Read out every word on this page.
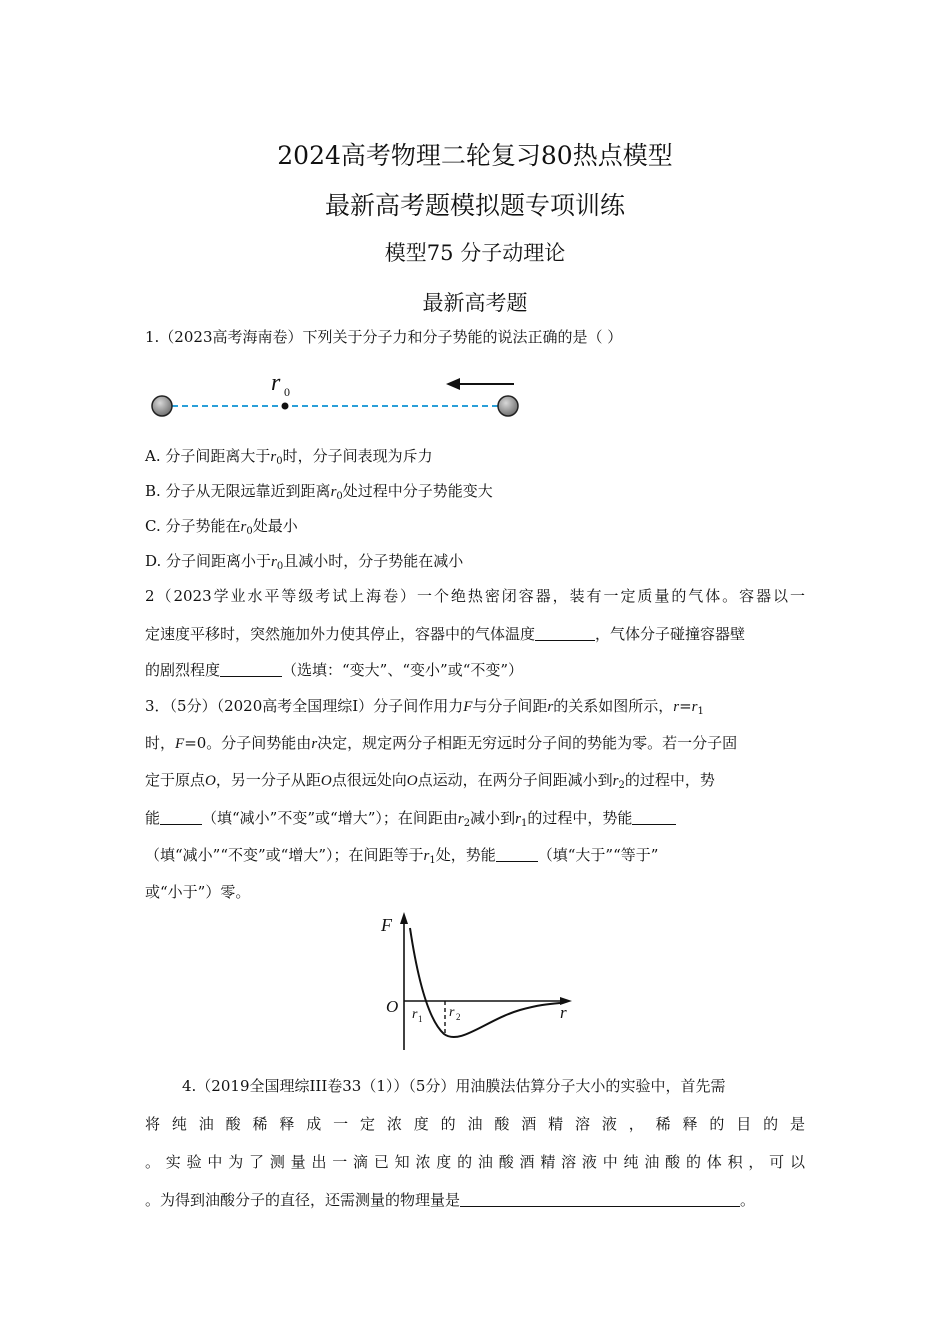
2024高考物理二轮复习80热点模型
最新高考题模拟题专项训练
模型75 分子动理论
最新高考题
1.（2023高考海南卷）下列关于分子力和分子势能的说法正确的是（ ）
r 0
A. 分子间距离大于$r_0$时，分子间表现为斥力
B. 分子从无限远靠近到距离$r_0$处过程中分子势能变大
C. 分子势能在$r_0$处最小
D. 分子间距离小于$r_0$且减小时，分子势能在减小
2（2023学业水平等级考试上海卷）一个绝热密闭容器，装有一定质量的气体。容器以一
定速度平移时，突然施加外力使其停止，容器中的气体温度	，气体分子碰撞容器壁
的剧烈程度	（选填：“变大”、“变小”或“不变”）
3．（5分）（2020高考全国理综I）分子间作用力F与分子间距r的关系如图所示，$r=r_1$
时，F=0。分子间势能由r决定，规定两分子相距无穷远时分子间的势能为零。若一分子固
定于原点O，另一分子从距O点很远处向O点运动，在两分子间距减小到$r_2$的过程中，势
能	（填“减小”不变”或“增大”）；在间距由$r_2$减小到$r_1$的过程中，势能
（填“减小”“不变”或“增大”）；在间距等于$r_1$处，势能	（填“大于”“等于”
或“小于”）零。
F
O	r
r 1 r 2
4.（2019全国理综III卷33（1））（5分）用油膜法估算分子大小的实验中，首先需
将纯油酸稀释成一定浓度的油酸酒精溶液，稀释的目的是
。实验中为了测量出一滴已知浓度的油酸酒精溶液中纯油酸的体积，可以
。为得到油酸分子的直径，还需测量的物理量是	。
